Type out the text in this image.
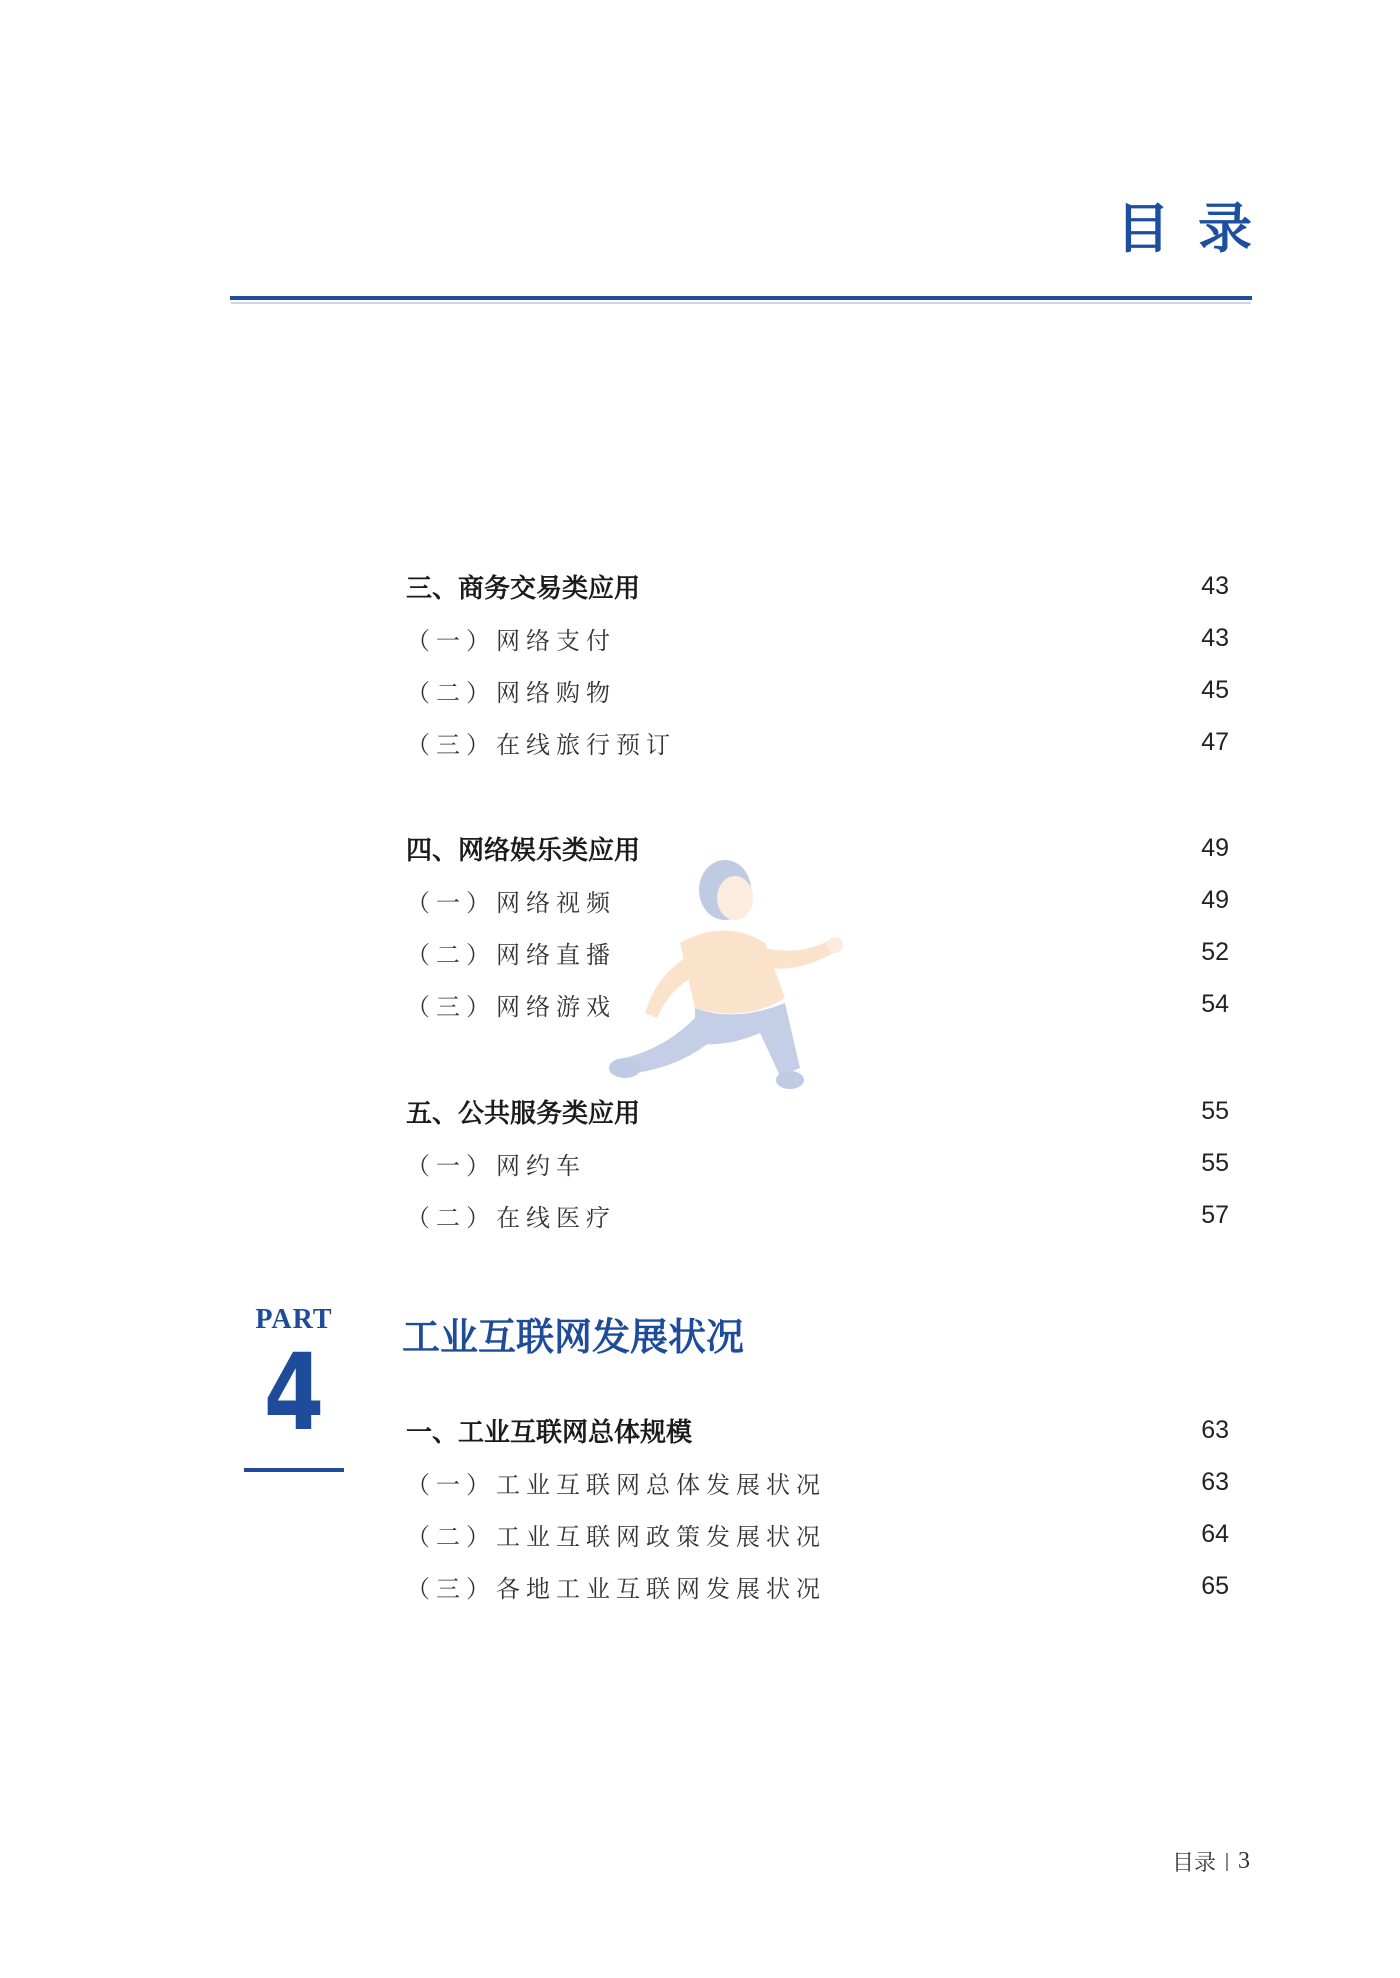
目录
三、商务交易类应用	43
（一）网络支付	43
（二）网络购物	45
（三）在线旅行预订	47
四、网络娱乐类应用	49
（一）网络视频	49
（二）网络直播	52
（三）网络游戏	54
五、公共服务类应用	55
（一）网约车	55
（二）在线医疗	57
PART
4 工业互联网发展状况
一、工业互联网总体规模	63
（一）工业互联网总体发展状况	63
（二）工业互联网政策发展状况	64
（三）各地工业互联网发展状况	65
目录 3
